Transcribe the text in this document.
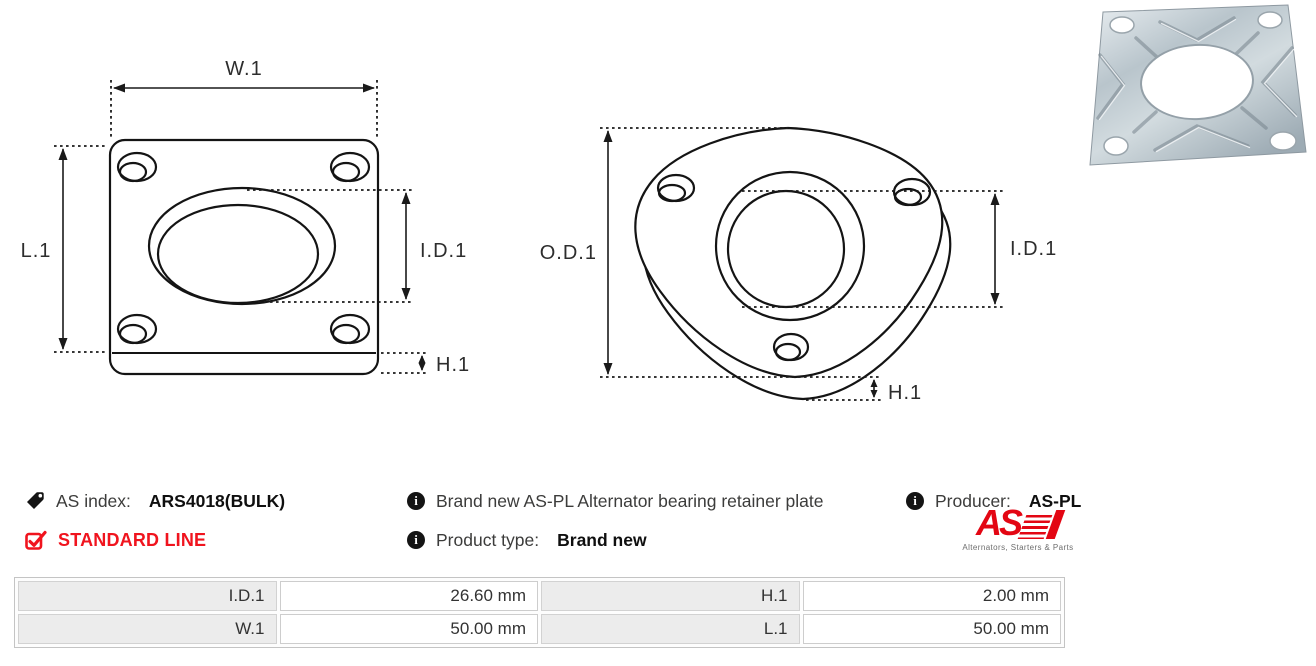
W.1
L.1	I.D.1
H.1
O.D.1	I.D.1
H.1
AS index: ARS4018(BULK)
STANDARD LINE
i	Brand new AS-PL Alternator bearing retainer plate
i	Product type: Brand new
i	Producer: AS-PL
AS
Alternators, Starters & Parts
I.D.1	26.60 mm	H.1	2.00 mm
W.1	50.00 mm	L.1	50.00 mm
